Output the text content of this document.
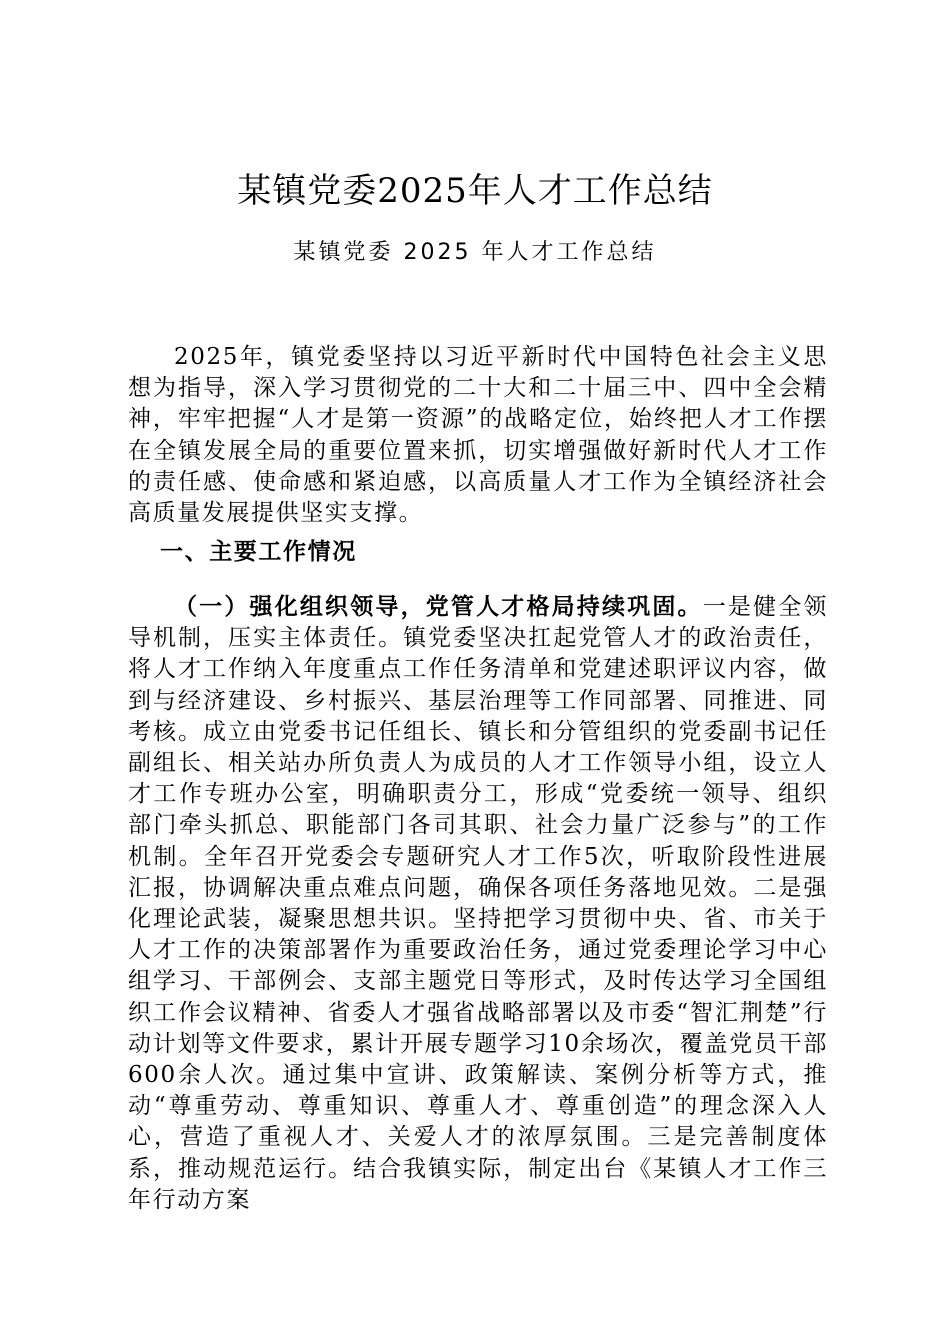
某镇党委2025年人才工作总结
某镇党委 2025 年人才工作总结

2025年，镇党委坚持以习近平新时代中国特色社会主义思想为指导，深入学习贯彻党的二十大和二十届三中、四中全会精神，牢牢把握“人才是第一资源”的战略定位，始终把人才工作摆在全镇发展全局的重要位置来抓，切实增强做好新时代人才工作的责任感、使命感和紧迫感，以高质量人才工作为全镇经济社会高质量发展提供坚实支撑。

一、主要工作情况

（一）强化组织领导，党管人才格局持续巩固。一是健全领导机制，压实主体责任。镇党委坚决扛起党管人才的政治责任，将人才工作纳入年度重点工作任务清单和党建述职评议内容，做到与经济建设、乡村振兴、基层治理等工作同部署、同推进、同考核。成立由党委书记任组长、镇长和分管组织的党委副书记任副组长、相关站办所负责人为成员的人才工作领导小组，设立人才工作专班办公室，明确职责分工，形成“党委统一领导、组织部门牵头抓总、职能部门各司其职、社会力量广泛参与”的工作机制。全年召开党委会专题研究人才工作5次，听取阶段性进展汇报，协调解决重点难点问题，确保各项任务落地见效。二是强化理论武装，凝聚思想共识。坚持把学习贯彻中央、省、市关于人才工作的决策部署作为重要政治任务，通过党委理论学习中心组学习、干部例会、支部主题党日等形式，及时传达学习全国组织工作会议精神、省委人才强省战略部署以及市委“智汇荆楚”行动计划等文件要求，累计开展专题学习10余场次，覆盖党员干部600余人次。通过集中宣讲、政策解读、案例分析等方式，推动“尊重劳动、尊重知识、尊重人才、尊重创造”的理念深入人心，营造了重视人才、关爱人才的浓厚氛围。三是完善制度体系，推动规范运行。结合我镇实际，制定出台《某镇人才工作三年行动方案
